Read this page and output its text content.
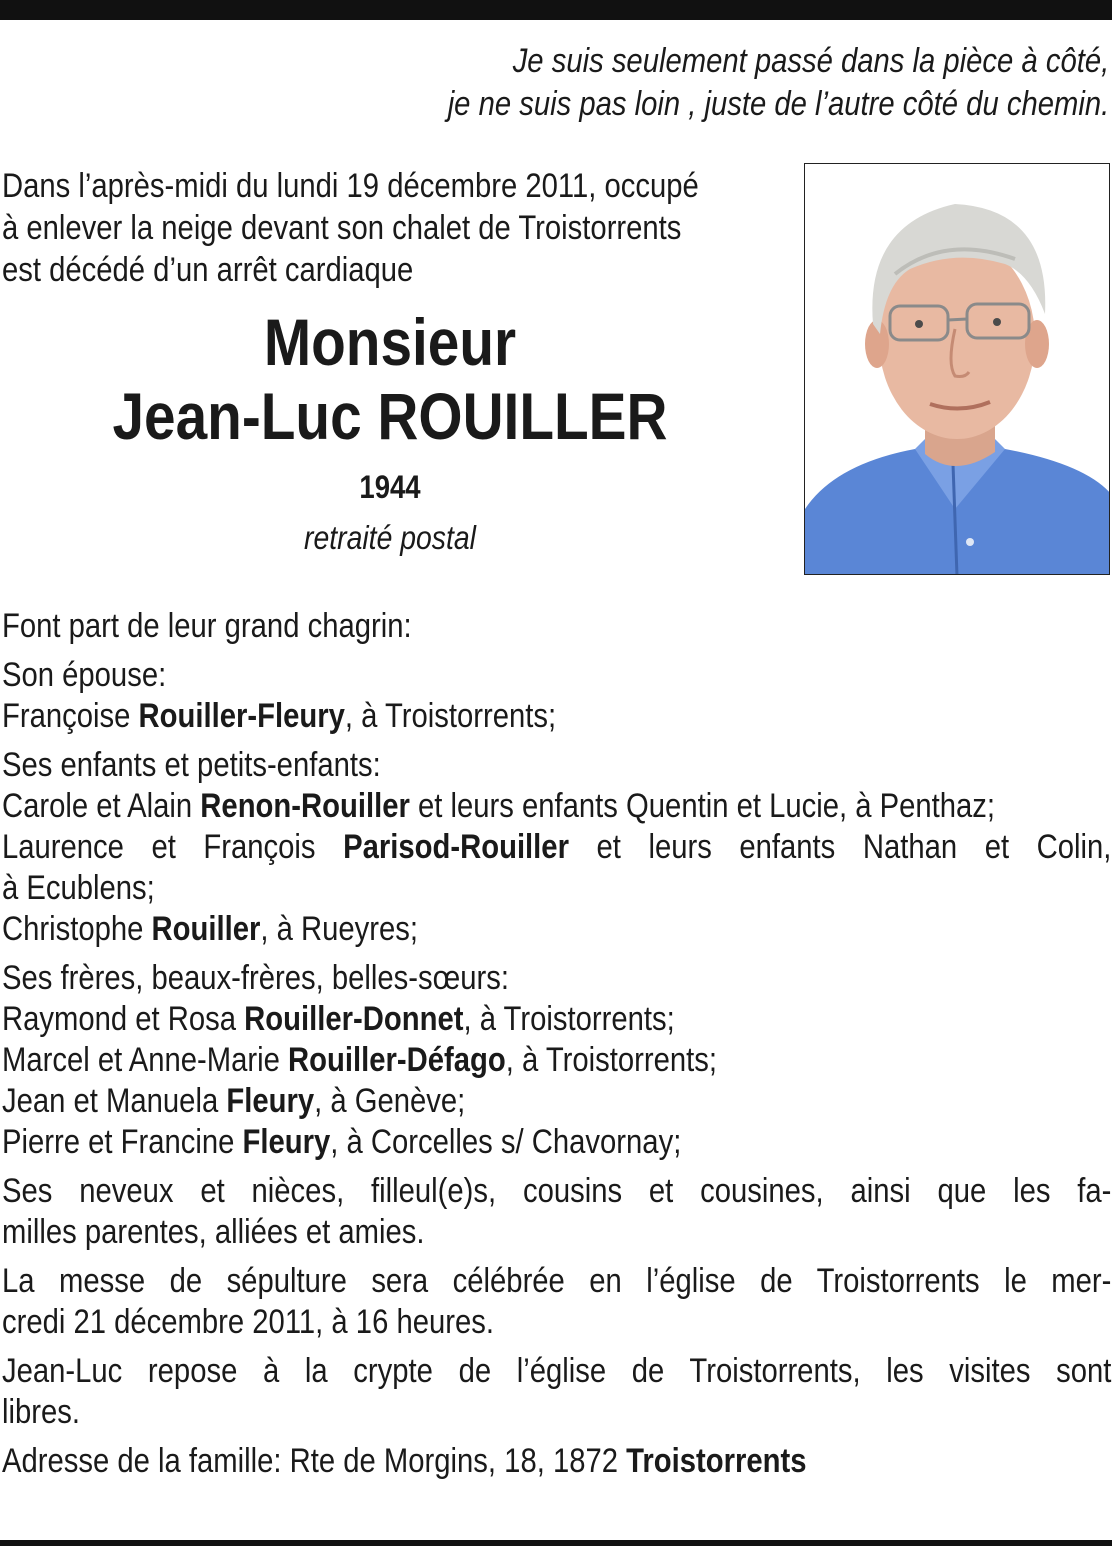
Je suis seulement passé dans la pièce à côté,
je ne suis pas loin , juste de l’autre côté du chemin.
Dans l’après-midi du lundi 19 décembre 2011, occupé
à enlever la neige devant son chalet de Troistorrents
est décédé d’un arrêt cardiaque
Monsieur
Jean-Luc ROUILLER
1944
retraité postal
Font part de leur grand chagrin:
Son épouse:
Françoise Rouiller-Fleury, à Troistorrents;
Ses enfants et petits-enfants:
Carole et Alain Renon-Rouiller et leurs enfants Quentin et Lucie, à Penthaz;
Laurence et François Parisod-Rouiller et leurs enfants Nathan et Colin,
à Ecublens;
Christophe Rouiller, à Rueyres;
Ses frères, beaux-frères, belles-sœurs:
Raymond et Rosa Rouiller-Donnet, à Troistorrents;
Marcel et Anne-Marie Rouiller-Défago, à Troistorrents;
Jean et Manuela Fleury, à Genève;
Pierre et Francine Fleury, à Corcelles s/ Chavornay;
Ses neveux et nièces, filleul(e)s, cousins et cousines, ainsi que les fa-
milles parentes, alliées et amies.
La messe de sépulture sera célébrée en l’église de Troistorrents le mer-
credi 21 décembre 2011, à 16 heures.
Jean-Luc repose à la crypte de l’église de Troistorrents, les visites sont
libres.
Adresse de la famille: Rte de Morgins, 18, 1872 Troistorrents
